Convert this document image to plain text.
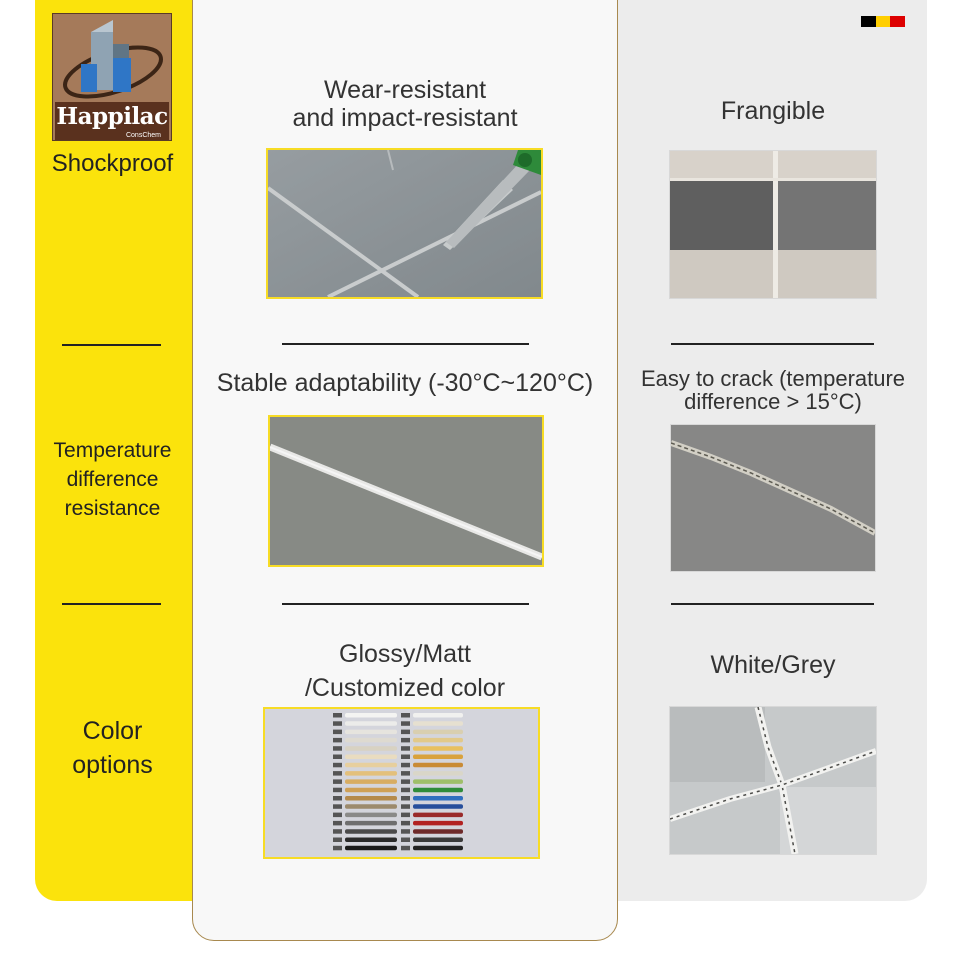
Happilac
ConsChem
Shockproof
Temperature
difference
resistance
Color
options
Wear-resistant
and impact-resistant
Stable adaptability (-30°C~120°C)
Glossy/Matt
/Customized color
Frangible
Easy to crack (temperature
difference > 15°C)
White/Grey
